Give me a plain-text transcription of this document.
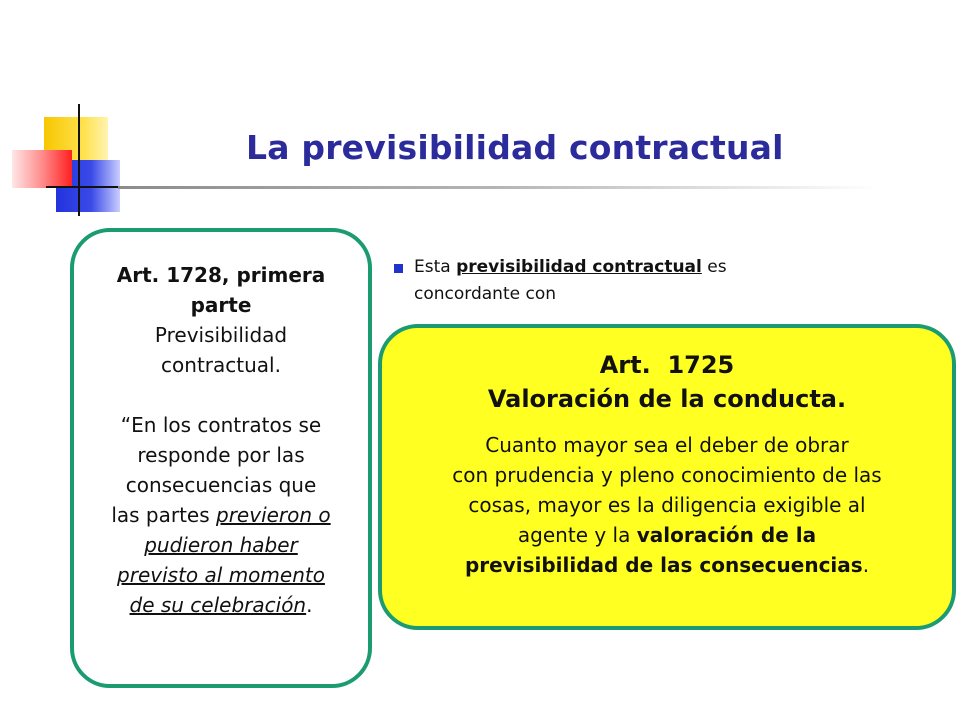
La previsibilidad contractual
Art. 1728, primera
parte
Previsibilidad
contractual.
“En los contratos se
responde por las
consecuencias que
las partes previeron o
pudieron haber
previsto al momento
de su celebración.
Esta previsibilidad contractual es
concordante con
Art.  1725
Valoración de la conducta.
Cuanto mayor sea el deber de obrar
con prudencia y pleno conocimiento de las
cosas, mayor es la diligencia exigible al
agente y la valoración de la
previsibilidad de las consecuencias.
